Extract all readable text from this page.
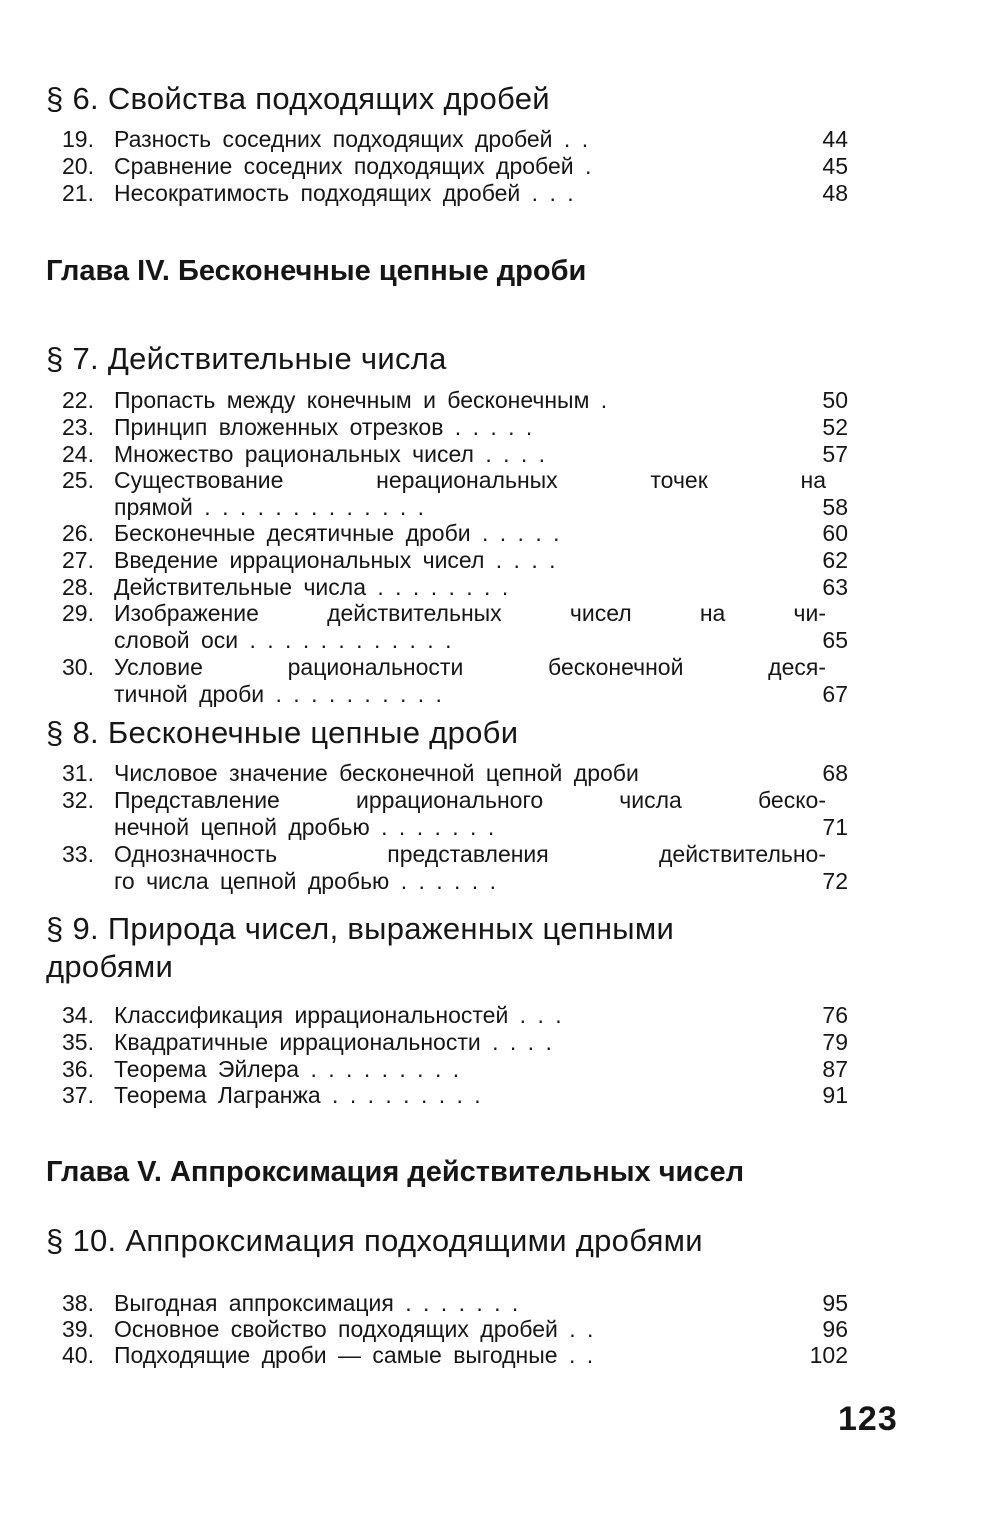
§ 6. Свойства подходящих дробей
19. Разность соседних подходящих дробей . .	44
20. Сравнение соседних подходящих дробей .	45
21. Несократимость подходящих дробей . . .	48
Глава IV. Бесконечные цепные дроби
§ 7. Действительные числа
22. Пропасть между конечным и бесконечным .	50
23. Принцип вложенных отрезков . . . . .	52
24. Множество рациональных чисел . . . .	57
25. Существование нерациональных точек на
прямой . . . . . . . . . . . . .	58
26. Бесконечные десятичные дроби . . . . .	60
27. Введение иррациональных чисел . . . .	62
28. Действительные числа . . . . . . . .	63
29. Изображение действительных чисел на чи-
словой оси . . . . . . . . . . . .	65
30. Условие рациональности бесконечной деся-
тичной дроби . . . . . . . . . .	67
§ 8. Бесконечные цепные дроби
31. Числовое значение бесконечной цепной дроби	68
32. Представление иррационального числа беско-
нечной цепной дробью . . . . . . .	71
33. Однозначность представления действительно-
го числа цепной дробью . . . . . .	72
§ 9. Природа чисел, выраженных цепными дробями
34. Классификация иррациональностей . . .	76
35. Квадратичные иррациональности . . . .	79
36. Теорема Эйлера . . . . . . . . .	87
37. Теорема Лагранжа . . . . . . . . .	91
Глава V. Аппроксимация действительных чисел
§ 10. Аппроксимация подходящими дробями
38. Выгодная аппроксимация . . . . . . .	95
39. Основное свойство подходящих дробей . .	96
40. Подходящие дроби — самые выгодные . .	102
123
